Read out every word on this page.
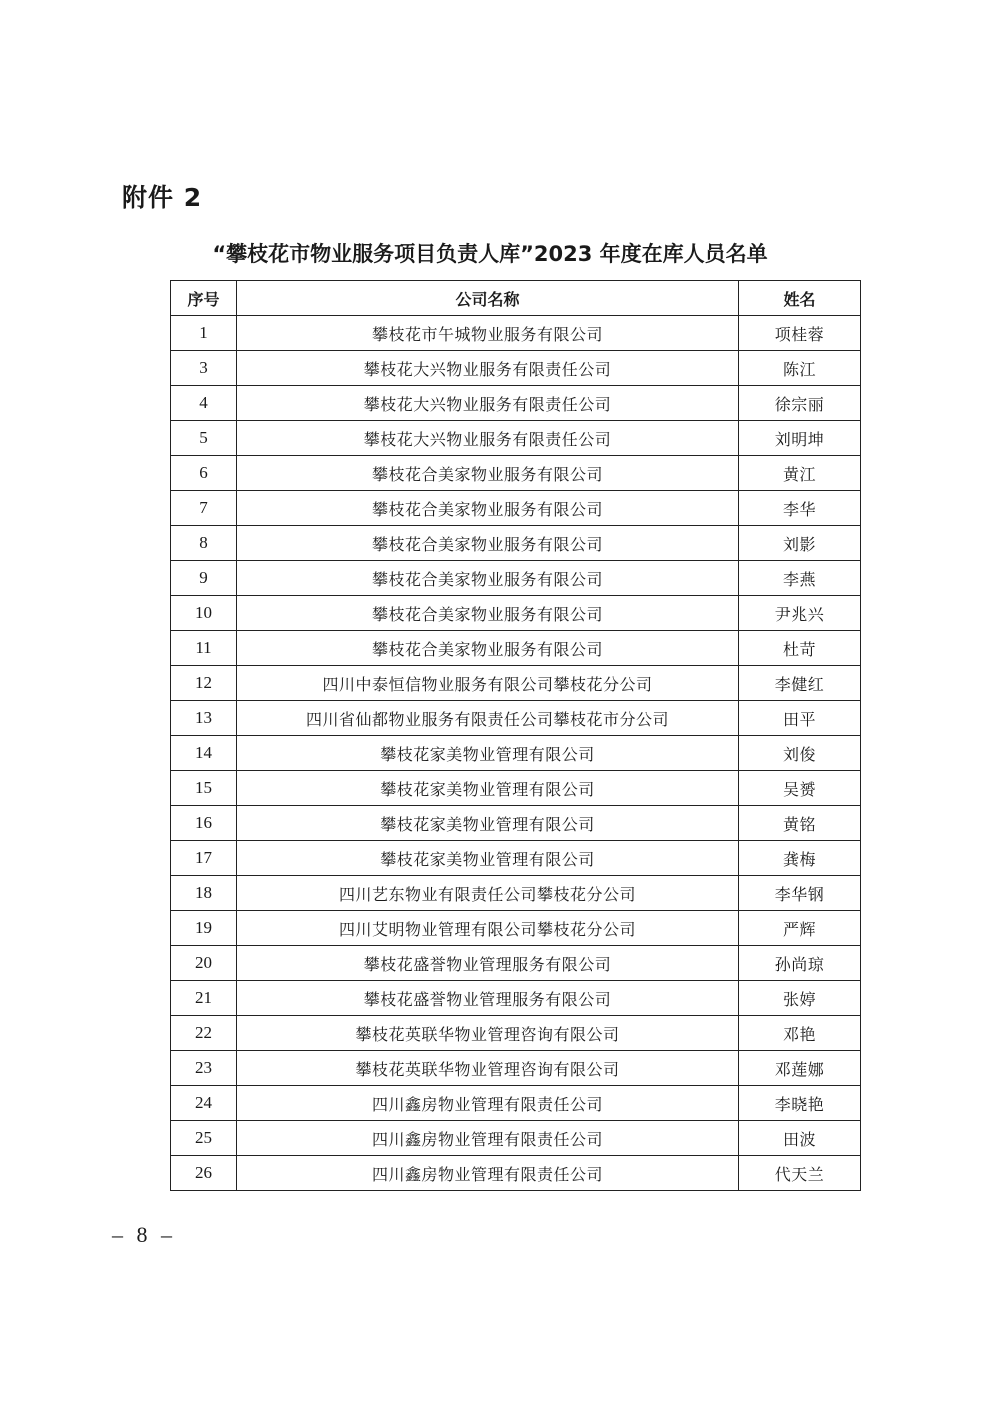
附件 2
“攀枝花市物业服务项目负责人库”2023 年度在库人员名单
序号	公司名称	姓名
1	攀枝花市午城物业服务有限公司	项桂蓉
3	攀枝花大兴物业服务有限责任公司	陈江
4	攀枝花大兴物业服务有限责任公司	徐宗丽
5	攀枝花大兴物业服务有限责任公司	刘明坤
6	攀枝花合美家物业服务有限公司	黄江
7	攀枝花合美家物业服务有限公司	李华
8	攀枝花合美家物业服务有限公司	刘影
9	攀枝花合美家物业服务有限公司	李燕
10	攀枝花合美家物业服务有限公司	尹兆兴
11	攀枝花合美家物业服务有限公司	杜苛
12	四川中泰恒信物业服务有限公司攀枝花分公司	李健红
13	四川省仙都物业服务有限责任公司攀枝花市分公司	田平
14	攀枝花家美物业管理有限公司	刘俊
15	攀枝花家美物业管理有限公司	吴赟
16	攀枝花家美物业管理有限公司	黄铭
17	攀枝花家美物业管理有限公司	龚梅
18	四川艺东物业有限责任公司攀枝花分公司	李华钢
19	四川艾明物业管理有限公司攀枝花分公司	严辉
20	攀枝花盛誉物业管理服务有限公司	孙尚琼
21	攀枝花盛誉物业管理服务有限公司	张婷
22	攀枝花英联华物业管理咨询有限公司	邓艳
23	攀枝花英联华物业管理咨询有限公司	邓莲娜
24	四川鑫房物业管理有限责任公司	李晓艳
25	四川鑫房物业管理有限责任公司	田波
26	四川鑫房物业管理有限责任公司	代天兰
– 8 –
